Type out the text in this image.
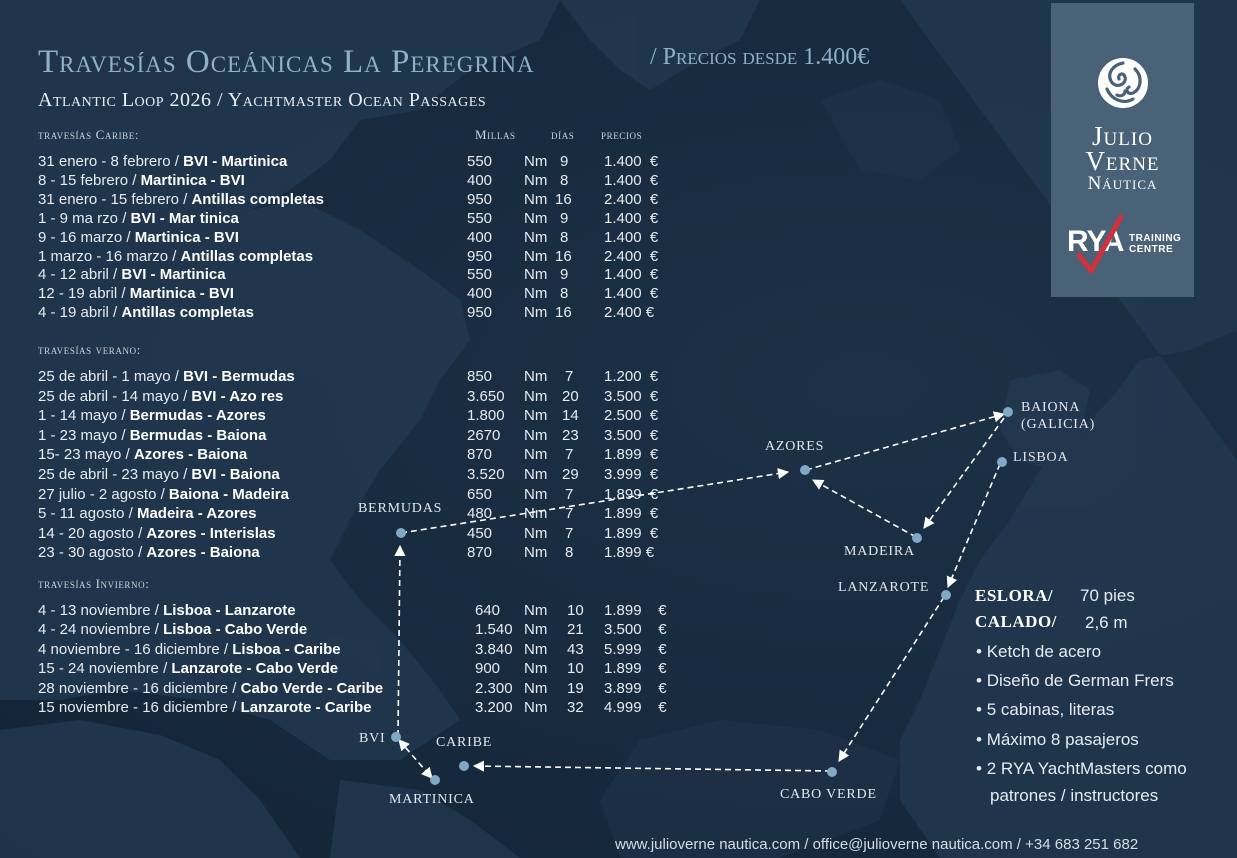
Travesías Oceánicas La Peregrina	/ Precios desde 1.400€
Atlantic Loop 2026 / Yachtmaster Ocean Passages
travesías Caribe:	Millas	días precios
31 enero - 8 febrero / BVI - Martinica	550 Nm 9 1.400  €
8 - 15 febrero / Martinica - BVI	400 Nm 8 1.400  €
31 enero - 15 febrero / Antillas completas	950 Nm 16 2.400  €
1 - 9 ma rzo / BVI - Mar tinica	550 Nm 9 1.400  €
9 - 16 marzo / Martinica - BVI	400 Nm 8 1.400  €
1 marzo - 16 marzo / Antillas completas	950 Nm 16 2.400  €
4 - 12 abril / BVI - Martinica	550 Nm 9 1.400  €
12 - 19 abril / Martinica - BVI	400 Nm 8 1.400  €
4 - 19 abril / Antillas completas	950 Nm 16 2.400 €
travesías verano:
25 de abril - 1 mayo / BVI - Bermudas	850 Nm 7 1.200  €
25 de abril - 14 mayo / BVI - Azo res	3.650 Nm 20 3.500  €
1 - 14 mayo / Bermudas - Azores	1.800 Nm 14 2.500  €
1 - 23 mayo / Bermudas - Baiona	2670 Nm 23 3.500  €
15- 23 mayo / Azores - Baiona	870 Nm 7 1.899  €
25 de abril - 23 mayo / BVI - Baiona	3.520 Nm 29 3.999  €
27 julio - 2 agosto / Baiona - Madeira	650 Nm 7 1.899  €
5 - 11 agosto / Madeira - Azores	480 Nm 7 1.899  €
14 - 20 agosto / Azores - Interislas	450 Nm 7 1.899  €
23 - 30 agosto / Azores - Baiona	870 Nm 8 1.899 €
travesías Invierno:
4 - 13 noviembre / Lisboa - Lanzarote	640 Nm 10 1.899    €
4 - 24 noviembre / Lisboa - Cabo Verde	1.540 Nm 21 3.500    €
4 noviembre - 16 diciembre / Lisboa - Caribe	3.840 Nm 43 5.999    €
15 - 24 noviembre / Lanzarote - Cabo Verde	900 Nm 10 1.899    €
28 noviembre - 16 diciembre / Cabo Verde - Caribe	2.300 Nm 19 3.899    €
15 noviembre - 16 diciembre / Lanzarote - Caribe	3.200 Nm 32 4.999    €
BAIONA
(GALICIA)
LISBOA
AZORES
MADEIRA
BERMUDAS
LANZAROTE
BVI	CARIBE
MARTINICA	CABO VERDE
Julio
Verne
Náutica
RYA TRAINING
CENTRE
ESLORA/ 70 pies
CALADO/ 2,6 m
• Ketch de acero
• Diseño de German Frers
• 5 cabinas, literas
• Máximo 8 pasajeros
• 2 RYA YachtMasters como
patrones / instructores
www.julioverne nautica.com / office@julioverne nautica.com / +34 683 251 682
